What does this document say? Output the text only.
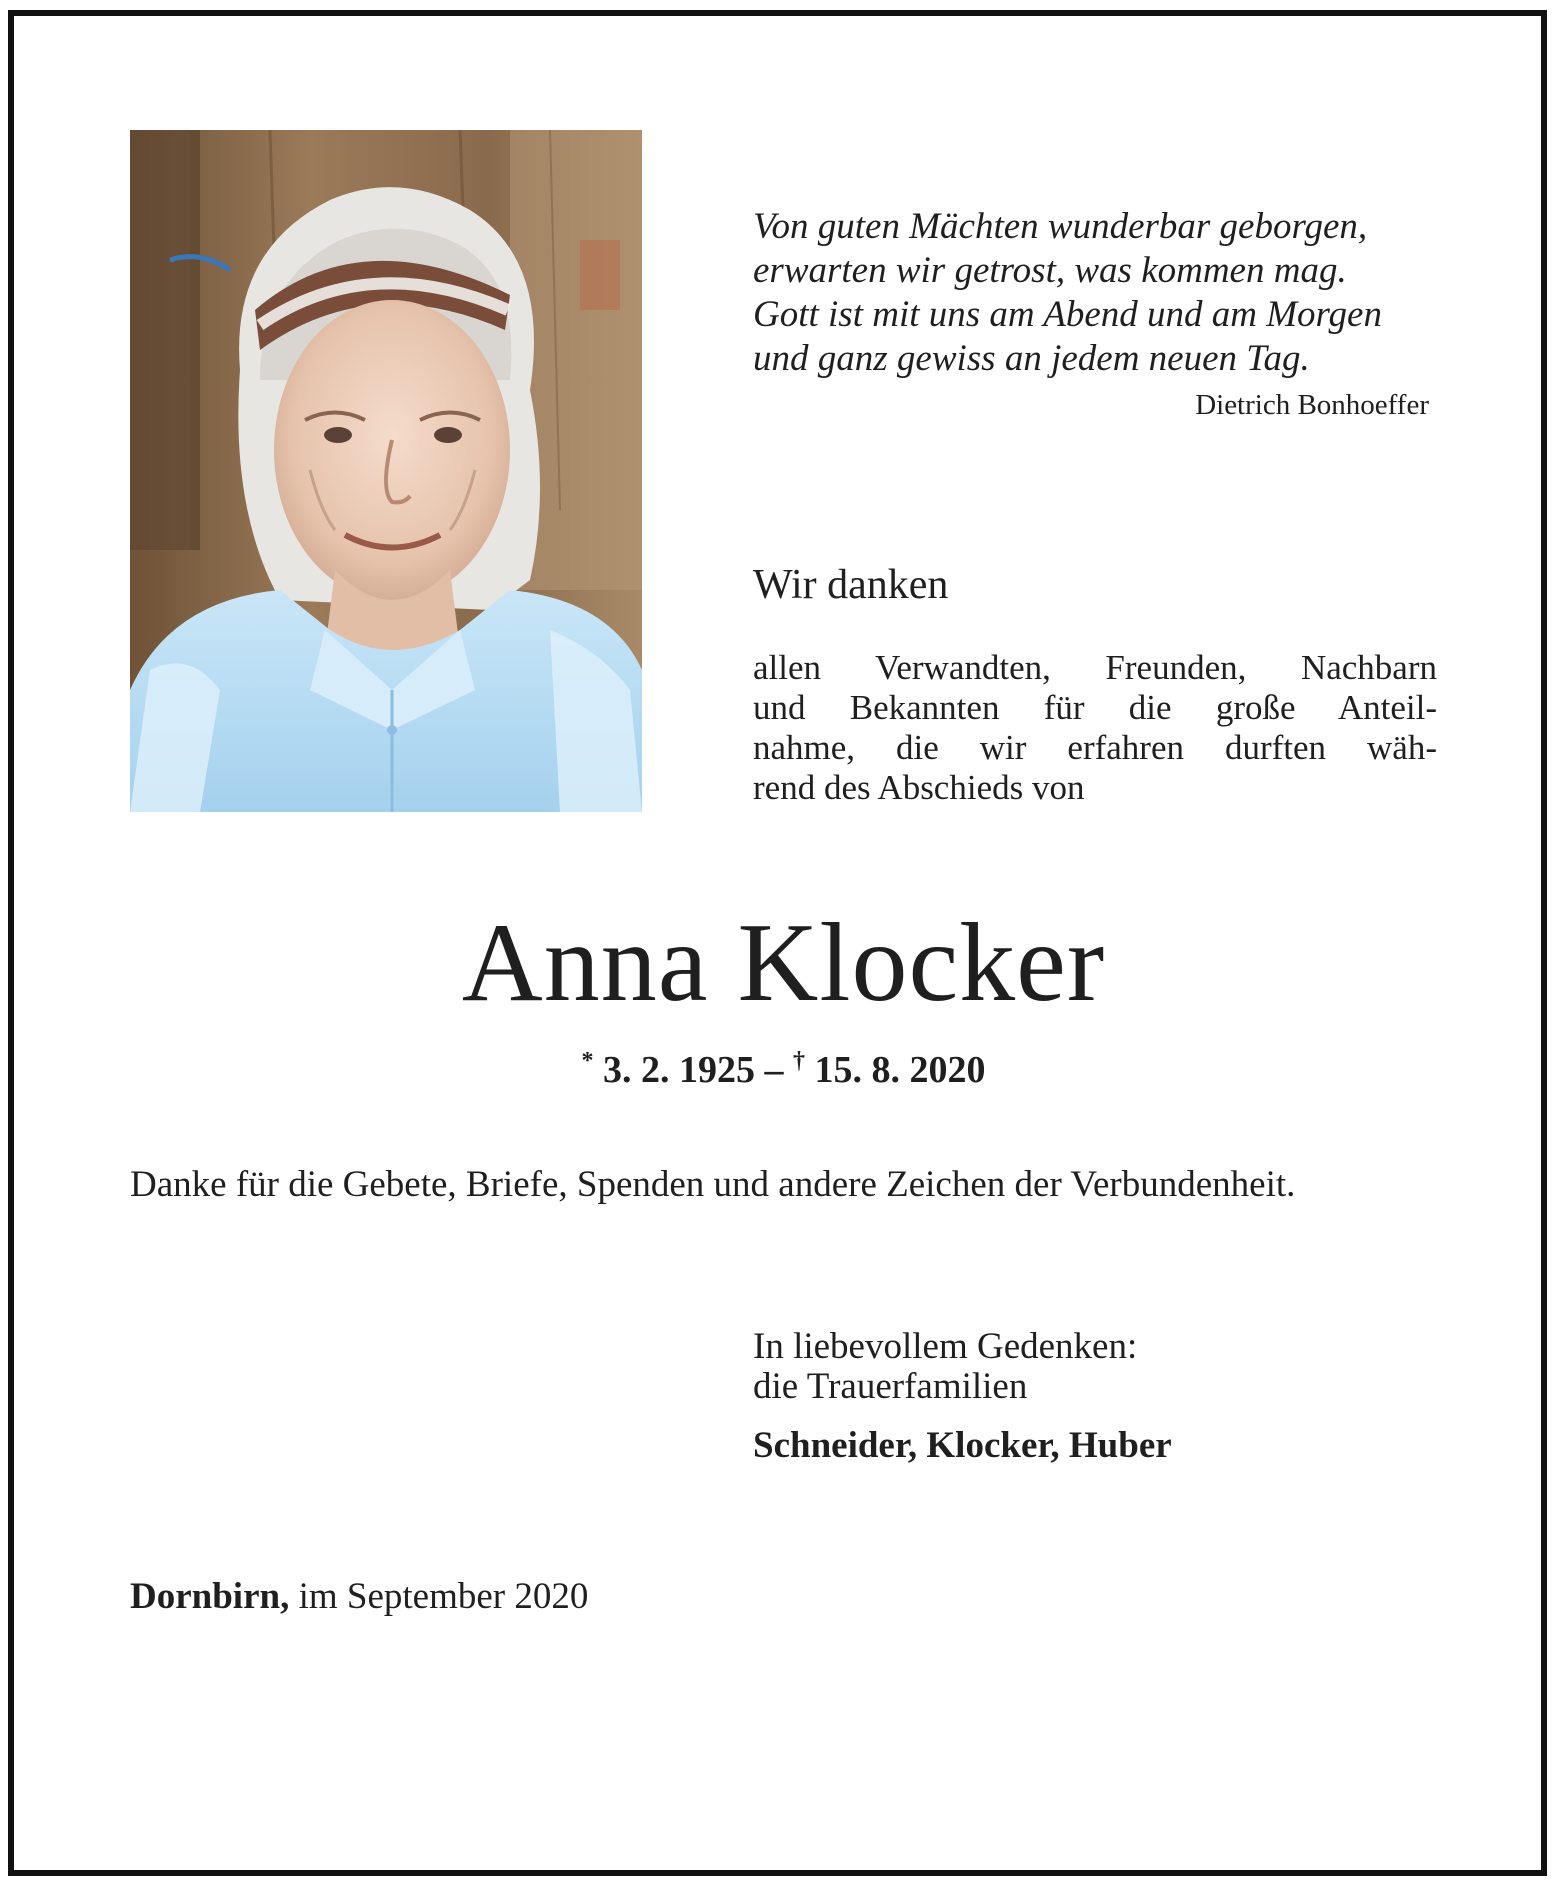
Von guten Mächten wunderbar geborgen,
erwarten wir getrost, was kommen mag.
Gott ist mit uns am Abend und am Morgen
und ganz gewiss an jedem neuen Tag.
Dietrich Bonhoeffer
Wir danken
allen Verwandten, Freunden, Nachbarn
und Bekannten für die große Anteil-
nahme, die wir erfahren durften wäh-
rend des Abschieds von
Anna Klocker
* 3. 2. 1925 – † 15. 8. 2020
Danke für die Gebete, Briefe, Spenden und andere Zeichen der Verbundenheit.
In liebevollem Gedenken:
die Trauerfamilien
Schneider, Klocker, Huber
Dornbirn, im September 2020
